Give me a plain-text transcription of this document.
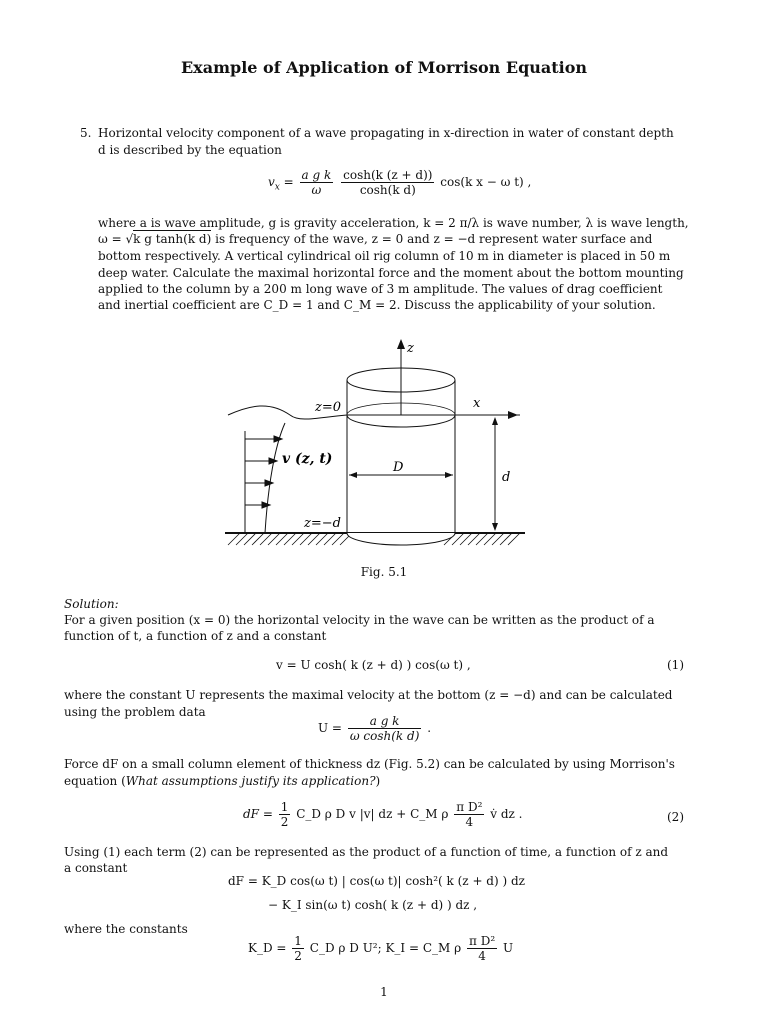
Example of Application of Morrison Equation
5. Horizontal velocity component of a wave propagating in x-direction in water of constant depth
d is described by the equation
$v_x = \frac{\text{a g k}}{\omega}$
$\frac{\cosh(k (z + d))}{\text{cosh(k d)}} \cos(k$ x − ω t) ,
where a is wave amplitude, g is gravity acceleration, k = 2 π/λ is wave number, λ is wave length,
ω = √k g tanh(k d) is frequency of the wave, z = 0 and z = −d represent water surface and
bottom respectively. A vertical cylindrical oil rig column of 10 m in diameter is placed in 50 m
deep water. Calculate the maximal horizontal force and the moment about the bottom mounting
applied to the column by a 200 m long wave of 3 m amplitude. The values of drag coefficient
and inertial coefficient are C_D = 1 and C_M = 2. Discuss the applicability of your solution.
z
x
z=0
z=−d
v (z, t)
D
d
Fig. 5.1
Solution:
For a given position (x = 0) the horizontal velocity in the wave can be written as the product of a
function of t, a function of z and a constant
v = U cosh( k (z + d) ) cos(ω t) ,	(1)
where the constant U represents the maximal velocity at the bottom (z = −d) and can be calculated
using the problem data
$U = \frac{\text{a g k}}{\text{ω cosh(k d)}}$ .
Force dF on a small column element of thickness dz (Fig. 5.2) can be calculated by using Morrison's
equation (What assumptions justify its application?)
dF = $\frac{1}{2}$ C_D ρ D v |v| dz + C_M ρ $\frac{\text{π D²}}{4}$ v̇ dz .	(2)
Using (1) each term (2) can be represented as the product of a function of time, a function of z and
a constant
dF = K_D cos(ω t) | cos(ω t)| cosh²( k (z + d) ) dz
− K_I sin(ω t) cosh( k (z + d) ) dz ,
where the constants
K_D = $\frac{1}{2}$ C_D ρ D U²; K_I = C_M ρ $\frac{\text{π D²}}{4}$ U
1
